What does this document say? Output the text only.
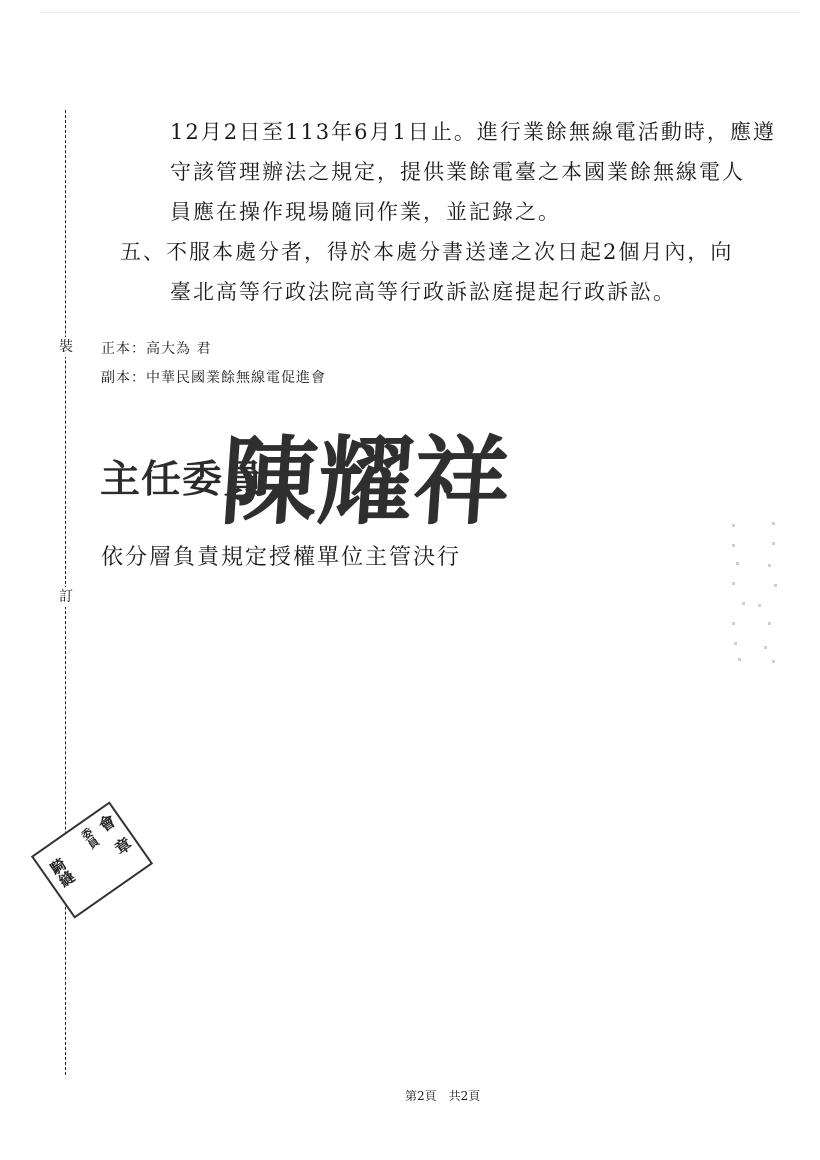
裝
訂
12月2日至113年6月1日止。進行業餘無線電活動時，應遵
守該管理辦法之規定，提供業餘電臺之本國業餘無線電人
員應在操作現場隨同作業，並記錄之。
五、不服本處分者，得於本處分書送達之次日起2個月內，向
臺北高等行政法院高等行政訴訟庭提起行政訴訟。
正本：高大為 君
副本：中華民國業餘無線電促進會
主任委員
陳耀祥
依分層負責規定授權單位主管決行
會
委員
騎縫
章
第2頁　共2頁
